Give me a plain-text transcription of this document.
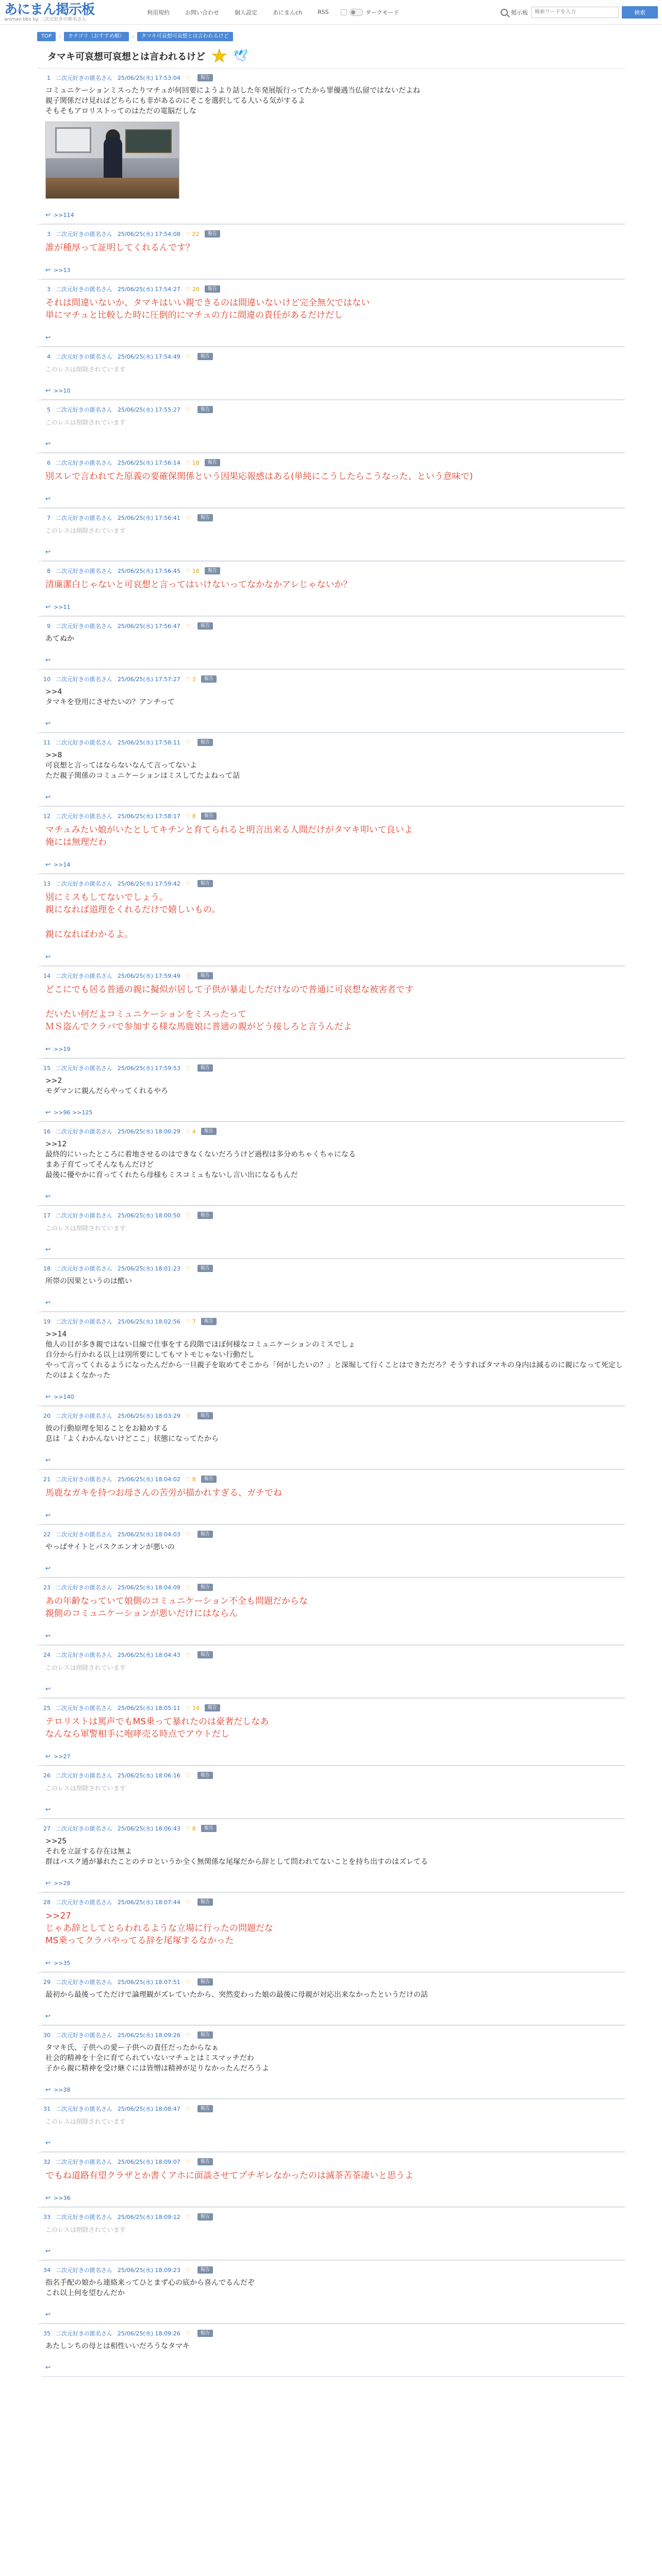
あにまん掲示板
animan bbs by 二次元好きの匿名さん
利用規約	お問い合わせ	個人設定	あにまんch	RSS	ダークモード	掲示板
検索ワードを入力	検索
TOP	›	カテゴリ（おすすめ順）	›	タマキ可哀想可哀想とは言われるけど
タマキ可哀想可哀想とは言われるけど ★ 🕊
1 二次元好きの匿名さん 25/06/25(水) 17:53:04 ♡	報告
コミュニケーションミスったりマチュが何回要にようより話した年発展版行ってたから罪優遇当仏留ではないだよね
親子関係だけ見ればどちらにも非があるのにそこを選択してる人いる気がするよ
そもそもアロリストってのはただの電脳だしな
↩ >>114
3 二次元好きの匿名さん 25/06/25(水) 17:54:08 ♡ 22	報告
誰が種厚って証明してくれるんです？
↩ >>13
3 二次元好きの匿名さん 25/06/25(水) 17:54:27 ♡ 20	報告
それは間違いないか、タマキはいい親できるのは間違いないけど完全無欠ではない
単にマチュと比較した時に圧倒的にマチュの方に間違の責任があるだけだし
↩
4 二次元好きの匿名さん 25/06/25(水) 17:54:49 ♡	報告
このレスは削除されています
↩ >>10
5 二次元好きの匿名さん 25/06/25(水) 17:55:27 ♡	報告
このレスは削除されています
↩
6 二次元好きの匿名さん 25/06/25(水) 17:56:14 ♡ 18	報告
別スレで言われてた原義の要確保関係という因果応報感はある(単純にこうしたらこうなった、という意味で)
↩
7 二次元好きの匿名さん 25/06/25(水) 17:56:41 ♡	報告
このレスは削除されています
↩
8 二次元好きの匿名さん 25/06/25(水) 17:56:45 ♡ 18	報告
清廉潔白じゃないと可哀想と言ってはいけないってなかなかアレじゃないか？
↩ >>11
9 二次元好きの匿名さん 25/06/25(水) 17:56:47 ♡	報告
あてぬか
↩
10 二次元好きの匿名さん 25/06/25(水) 17:57:27 ♡ 3	報告
>>4
タマキを登用にさせたいの？アンチって
↩
11 二次元好きの匿名さん 25/06/25(水) 17:58:11 ♡	報告
>>8
可哀想と言ってはならないなんて言ってないよ
ただ親子関係のコミュニケーションはミスしてたよねって話
↩
12 二次元好きの匿名さん 25/06/25(水) 17:58:17 ♡ 8	報告
マチュみたい娘がいたとしてキチンと育てられると明言出来る人間だけがタマキ叩いて良いよ
俺には無理だわ
↩ >>14
13 二次元好きの匿名さん 25/06/25(水) 17:59:42 ♡	報告
別にミスもしてないでしょう。
親になれば道理をくれるだけで嬉しいもの。

親になればわかるよ。
↩
14 二次元好きの匿名さん 25/06/25(水) 17:59:49 ♡	報告
どこにでも居る普通の親に擬似が居して子供が暴走しただけなので普通に可哀想な被害者です

だいたい何だよコミュニケーションをミスったって
ＭＳ盗んでクラバで参加する様な馬鹿娘に普通の親がどう接しろと言うんだよ
↩ >>19
15 二次元好きの匿名さん 25/06/25(水) 17:59:53 ♡	報告
>>2
モダマンに親んだらやってくれるやろ
↩ >>96 >>125
16 二次元好きの匿名さん 25/06/25(水) 18:00:29 ♡ 4	報告
>>12
最終的にいったところに着地させるのはできなくないだろうけど過程は多分めちゃくちゃになる
まあ子育てってそんなもんだけど
最後に優やかに育ってくれたら母様もミスコミュもないし言い出になるもんだ
↩
17 二次元好きの匿名さん 25/06/25(水) 18:00:50 ♡	報告
このレスは削除されています
↩
18 二次元好きの匿名さん 25/06/25(水) 18:01:23 ♡	報告
所帯の因果というのは酷い
↩
19 二次元好きの匿名さん 25/06/25(水) 18:02:56 ♡ 7	報告
>>14
他人の目が多き親ではない目線で仕事をする段階でほぼ何様なコミュニケーションのミスでしょ
自分から行かれる以上は別所要にしてもマトモじゃない行動だし
やって言ってくれるようになったんだから一旦親子を取めてそこから「何がしたいの？」と深堀して行くことはできただろ？そうすればタマキの身内は減るのに親になって死定したのはよくなかった
↩ >>140
20 二次元好きの匿名さん 25/06/25(水) 18:03:29 ♡	報告
彼の行動原理を知ることをお勧めする
息は「よくわかんないけどここ」状態になってたから
↩
21 二次元好きの匿名さん 25/06/25(水) 18:04:02 ♡ 8	報告
馬鹿なガキを持つお母さんの苦労が描かれすぎる、ガチでね
↩
22 二次元好きの匿名さん 25/06/25(水) 18:04:03 ♡	報告
やっぱサイトとパスクエンオンが悪いの
↩
23 二次元好きの匿名さん 25/06/25(水) 18:04:09 ♡	報告
あの年齢なっていて娘側のコミュニケーション不全も問題だからな
親側のコミュニケーションが悪いだけにはならん
↩
24 二次元好きの匿名さん 25/06/25(水) 18:04:43 ♡	報告
このレスは削除されています
↩
25 二次元好きの匿名さん 25/06/25(水) 18:05:11 ♡ 14	報告
テロリストは罵声でもMS乗って暴れたのは豪奢だしなあ
なんなら軍警相手に咆哮売る時点でアウトだし
↩ >>27
26 二次元好きの匿名さん 25/06/25(水) 18:06:16 ♡	報告
このレスは削除されています
↩
27 二次元好きの匿名さん 25/06/25(水) 18:06:43 ♡ 8	報告
>>25
それを立証する存在は無よ
群はバスク通が暴れたことのテロというか全く無関係な尾塚だから辞として問われてないことを持ち出すのはズレてる
↩ >>28
28 二次元好きの匿名さん 25/06/25(水) 18:07:44 ♡	報告
>>27
じゃあ辞としてとらわれるような立場に行ったの問題だな
MS乗ってクラバやってる辞を尾塚するなかった
↩ >>35
29 二次元好きの匿名さん 25/06/25(水) 18:07:51 ♡	報告
最初から最後ってただけで論理観がズレていたから、突然変わった娘の最後に母親が対応出来なかったというだけの話
↩
30 二次元好きの匿名さん 25/06/25(水) 18:09:26 ♡	報告
タマキ氏、子供への愛ー子供への責任だったからなぁ
社会的精神を十全に育てられていないマチュとはミスマッチだわ
子から親に精神を受け継ぐには皆憎は精神が足りなかったんだろうよ
↩ >>38
31 二次元好きの匿名さん 25/06/25(水) 18:08:47 ♡	報告
このレスは削除されています
↩
32 二次元好きの匿名さん 25/06/25(水) 18:09:07 ♡	報告
でもね道路有望クラザとか書くアホに面談させてプチギレなかったのは滅茶苦茶凄いと思うよ
↩ >>36
33 二次元好きの匿名さん 25/06/25(水) 18:09:12 ♡	報告
このレスは削除されています
↩
34 二次元好きの匿名さん 25/06/25(水) 18:09:23 ♡	報告
指名手配の娘から連絡来ってひとまず心の底から喜んでるんだぞ
これ以上何を望むんだか
↩
35 二次元好きの匿名さん 25/06/25(水) 18:09:26 ♡	報告
あたしンちの母とは相性いいだろうなタマキ
↩
